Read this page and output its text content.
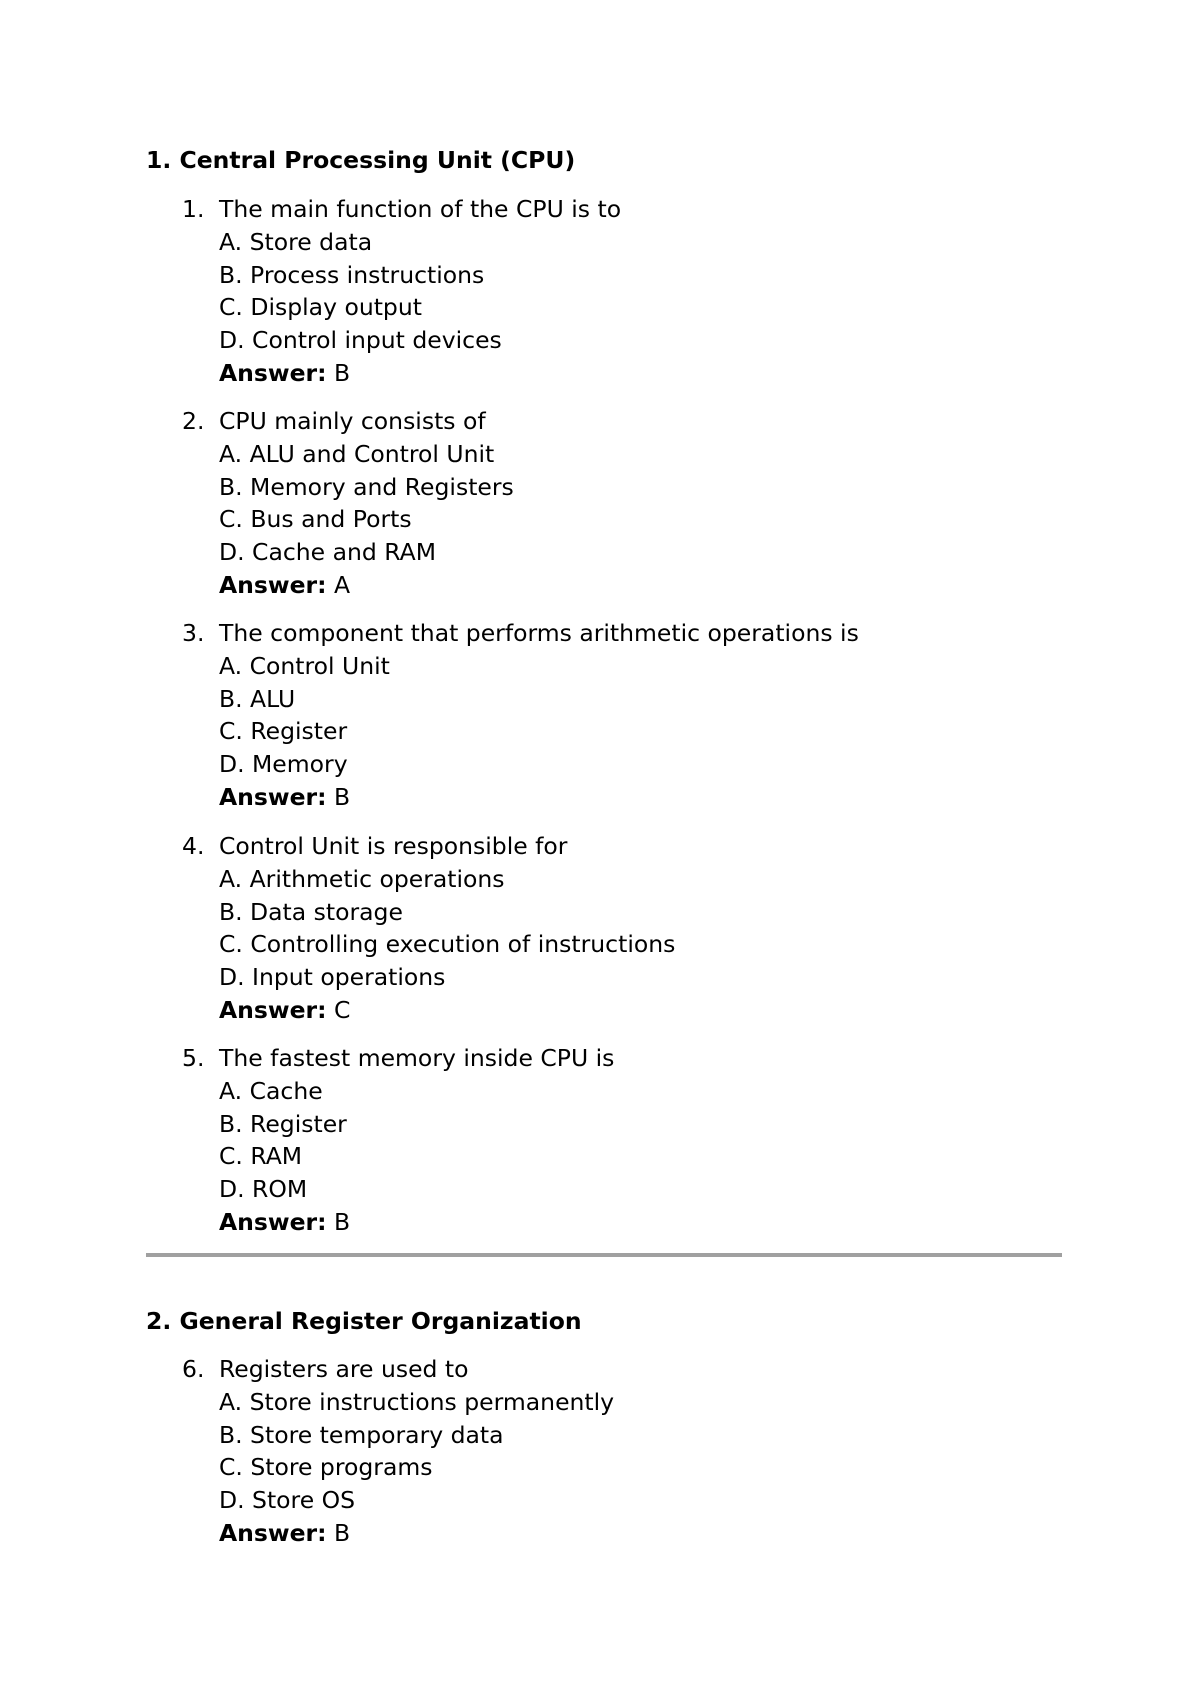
1. Central Processing Unit (CPU)
1. The main function of the CPU is to
A. Store data
B. Process instructions
C. Display output
D. Control input devices
Answer: B
2. CPU mainly consists of
A. ALU and Control Unit
B. Memory and Registers
C. Bus and Ports
D. Cache and RAM
Answer: A
3. The component that performs arithmetic operations is
A. Control Unit
B. ALU
C. Register
D. Memory
Answer: B
4. Control Unit is responsible for
A. Arithmetic operations
B. Data storage
C. Controlling execution of instructions
D. Input operations
Answer: C
5. The fastest memory inside CPU is
A. Cache
B. Register
C. RAM
D. ROM
Answer: B
2. General Register Organization
6. Registers are used to
A. Store instructions permanently
B. Store temporary data
C. Store programs
D. Store OS
Answer: B
